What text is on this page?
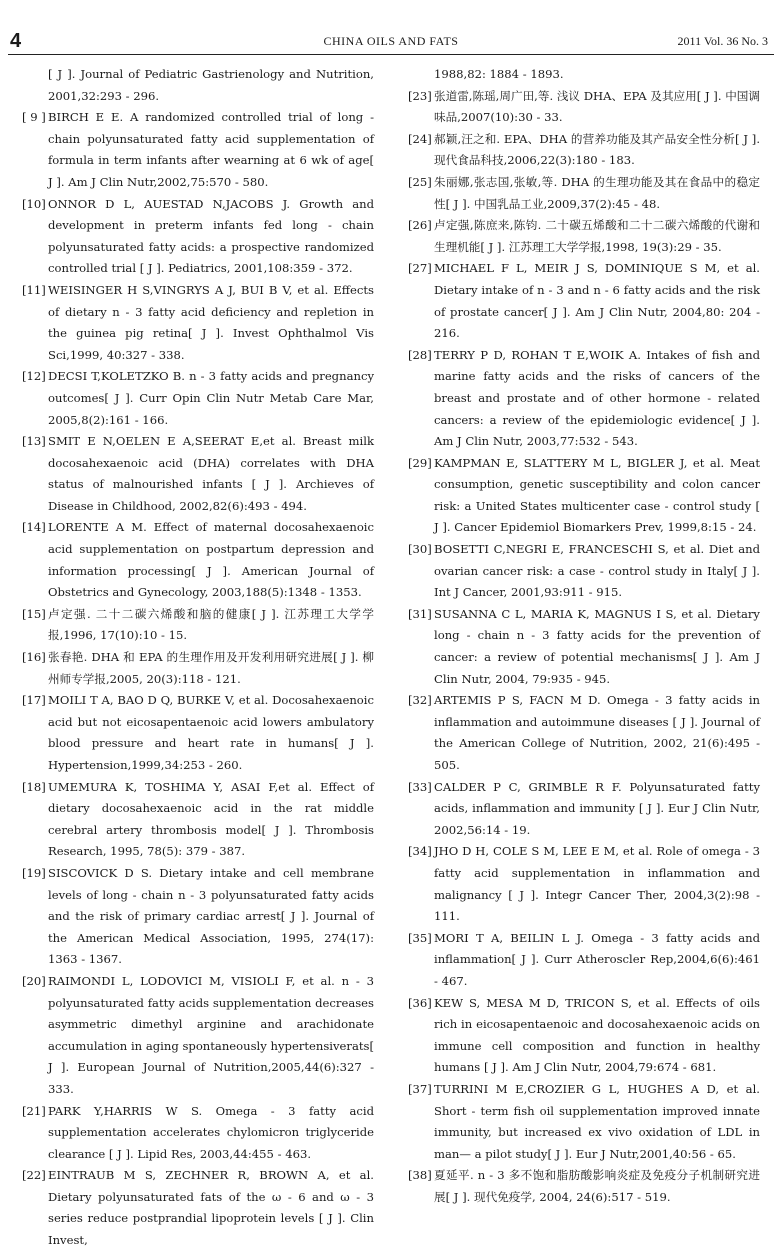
4	CHINA OILS AND FATS	2011 Vol. 36 No. 3

[ J ]. Journal of Pediatric Gastrienology and Nutrition, 2001,32:293 - 296.

[ 9 ] BIRCH E E. A randomized controlled trial of long - chain polyunsaturated fatty acid supplementation of formula in term infants after wearning at 6 wk of age[ J ]. Am J Clin Nutr,2002,75:570 - 580.

[10] ONNOR D L, AUESTAD N,JACOBS J. Growth and development in preterm infants fed long - chain polyunsaturated fatty acids: a prospective randomized controlled trial [ J ]. Pediatrics, 2001,108:359 - 372.

[11] WEISINGER H S,VINGRYS A J, BUI B V, et al. Effects of dietary n - 3 fatty acid deficiency and repletion in the guinea pig retina[ J ]. Invest Ophthalmol Vis Sci,1999, 40:327 - 338.

[12] DECSI T,KOLETZKO B. n - 3 fatty acids and pregnancy outcomes[ J ]. Curr Opin Clin Nutr Metab Care Mar, 2005,8(2):161 - 166.

[13] SMIT E N,OELEN E A,SEERAT E,et al. Breast milk docosahexaenoic acid (DHA) correlates with DHA status of malnourished infants [ J ]. Archieves of Disease in Childhood, 2002,82(6):493 - 494.

[14] LORENTE A M. Effect of maternal docosahexaenoic acid supplementation on postpartum depression and information processing[ J ]. American Journal of Obstetrics and Gynecology, 2003,188(5):1348 - 1353.

[15] 卢定强. 二十二碳六烯酸和脑的健康[ J ]. 江苏理工大学学报,1996, 17(10):10 - 15.

[16] 张春艳. DHA 和 EPA 的生理作用及开发利用研究进展[ J ]. 柳州师专学报,2005, 20(3):118 - 121.

[17] MOILI T A, BAO D Q, BURKE V, et al. Docosahexaenoic acid but not eicosapentaenoic acid lowers ambulatory blood pressure and heart rate in humans[ J ]. Hypertension,1999,34:253 - 260.

[18] UMEMURA K, TOSHIMA Y, ASAI F,et al. Effect of dietary docosahexaenoic acid in the rat middle cerebral artery thrombosis model[ J ]. Thrombosis Research, 1995, 78(5): 379 - 387.

[19] SISCOVICK D S. Dietary intake and cell membrane levels of long - chain n - 3 polyunsaturated fatty acids and the risk of primary cardiac arrest[ J ]. Journal of the American Medical Association, 1995, 274(17): 1363 - 1367.

[20] RAIMONDI L, LODOVICI M, VISIOLI F, et al. n - 3 polyunsaturated fatty acids supplementation decreases asymmetric dimethyl arginine and arachidonate accumulation in aging spontaneously hypertensiverats[ J ]. European Journal of Nutrition,2005,44(6):327 - 333.

[21] PARK Y,HARRIS W S. Omega - 3 fatty acid supplementation accelerates chylomicron triglyceride clearance [ J ]. Lipid Res, 2003,44:455 - 463.

[22] EINTRAUB M S, ZECHNER R, BROWN A, et al. Dietary polyunsaturated fats of the ω - 6 and ω - 3 series reduce postprandial lipoprotein levels [ J ]. Clin Invest,

1988,82: 1884 - 1893.

[23] 张道雷,陈瑶,周广田,等. 浅议 DHA、EPA 及其应用[ J ]. 中国调味品,2007(10):30 - 33.

[24] 郝颖,汪之和. EPA、DHA 的营养功能及其产品安全性分析[ J ]. 现代食品科技,2006,22(3):180 - 183.

[25] 朱丽娜,张志国,张敏,等. DHA 的生理功能及其在食品中的稳定性[ J ]. 中国乳品工业,2009,37(2):45 - 48.

[26] 卢定强,陈庶来,陈钧. 二十碳五烯酸和二十二碳六烯酸的代谢和生理机能[ J ]. 江苏理工大学学报,1998, 19(3):29 - 35.

[27] MICHAEL F L, MEIR J S, DOMINIQUE S M, et al. Dietary intake of n - 3 and n - 6 fatty acids and the risk of prostate cancer[ J ]. Am J Clin Nutr, 2004,80: 204 - 216.

[28] TERRY P D, ROHAN T E,WOIK A. Intakes of fish and marine fatty acids and the risks of cancers of the breast and prostate and of other hormone - related cancers: a review of the epidemiologic evidence[ J ]. Am J Clin Nutr, 2003,77:532 - 543.

[29] KAMPMAN E, SLATTERY M L, BIGLER J, et al. Meat consumption, genetic susceptibility and colon cancer risk: a United States multicenter case - control study [ J ]. Cancer Epidemiol Biomarkers Prev, 1999,8:15 - 24.

[30] BOSETTI C,NEGRI E, FRANCESCHI S, et al. Diet and ovarian cancer risk: a case - control study in Italy[ J ]. Int J Cancer, 2001,93:911 - 915.

[31] SUSANNA C L, MARIA K, MAGNUS I S, et al. Dietary long - chain n - 3 fatty acids for the prevention of cancer: a review of potential mechanisms[ J ]. Am J Clin Nutr, 2004, 79:935 - 945.

[32] ARTEMIS P S, FACN M D. Omega - 3 fatty acids in inflammation and autoimmune diseases [ J ]. Journal of the American College of Nutrition, 2002, 21(6):495 - 505.

[33] CALDER P C, GRIMBLE R F. Polyunsaturated fatty acids, inflammation and immunity [ J ]. Eur J Clin Nutr, 2002,56:14 - 19.

[34] JHO D H, COLE S M, LEE E M, et al. Role of omega - 3 fatty acid supplementation in inflammation and malignancy [ J ]. Integr Cancer Ther, 2004,3(2):98 - 111.

[35] MORI T A, BEILIN L J. Omega - 3 fatty acids and inflammation[ J ]. Curr Atheroscler Rep,2004,6(6):461 - 467.

[36] KEW S, MESA M D, TRICON S, et al. Effects of oils rich in eicosapentaenoic and docosahexaenoic acids on immune cell composition and function in healthy humans [ J ]. Am J Clin Nutr, 2004,79:674 - 681.

[37] TURRINI M E,CROZIER G L, HUGHES A D, et al. Short - term fish oil supplementation improved innate immunity, but increased ex vivo oxidation of LDL in man— a pilot study[ J ]. Eur J Nutr,2001,40:56 - 65.

[38] 夏延平. n - 3 多不饱和脂肪酸影响炎症及免疫分子机制研究进展[ J ]. 现代免疫学, 2004, 24(6):517 - 519.
